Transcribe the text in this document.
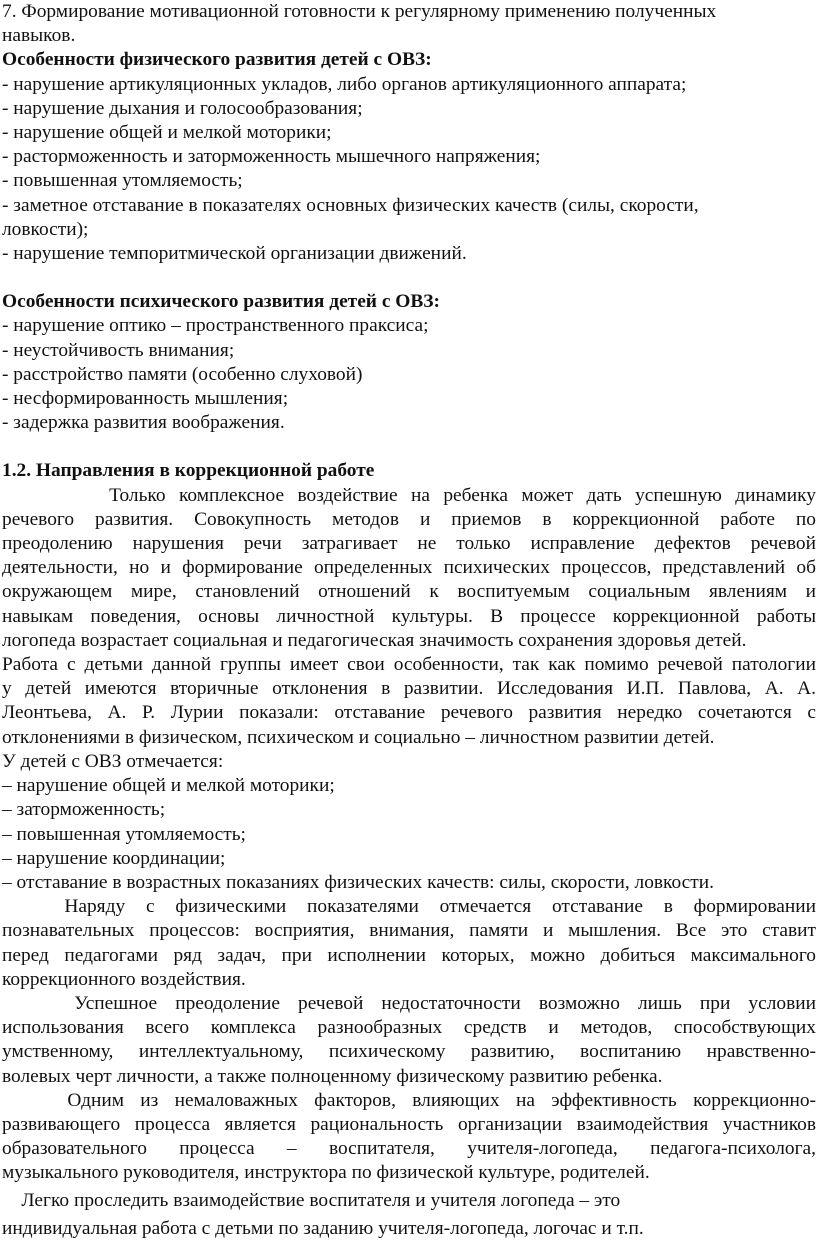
7. Формирование мотивационной готовности к регулярному применению полученных

навыков.

Особенности физического развития детей с ОВЗ:

- нарушение артикуляционных укладов, либо органов артикуляционного аппарата;

- нарушение дыхания и голосообразования;

- нарушение общей и мелкой моторики;

- расторможенность и заторможенность мышечного напряжения;

- повышенная утомляемость;

- заметное отставание в показателях основных физических качеств (силы, скорости,

ловкости);

- нарушение темпоритмической организации движений.

Особенности психического развития детей с ОВЗ:

- нарушение оптико – пространственного праксиса;

- неустойчивость внимания;

- расстройство памяти (особенно слуховой)

- несформированность мышления;

- задержка развития воображения.

1.2. Направления в коррекционной работе

Только комплексное воздействие на ребенка может дать успешную динамику

речевого развития. Совокупность методов и приемов в коррекционной работе по

преодолению нарушения речи затрагивает не только исправление дефектов речевой

деятельности, но и формирование определенных психических процессов, представлений об

окружающем мире, становлений отношений к воспитуемым социальным явлениям и

навыкам поведения, основы личностной культуры. В процессе коррекционной работы

логопеда возрастает социальная и педагогическая значимость сохранения здоровья детей.

Работа с детьми данной группы имеет свои особенности, так как помимо речевой патологии

у детей имеются вторичные отклонения в развитии. Исследования И.П. Павлова, А. А.

Леонтьева, А. Р. Лурии показали: отставание речевого развития нередко сочетаются с

отклонениями в физическом, психическом и социально – личностном развитии детей.

У детей с ОВЗ отмечается:

– нарушение общей и мелкой моторики;

– заторможенность;

– повышенная утомляемость;

– нарушение координации;

– отставание в возрастных показаниях физических качеств: силы, скорости, ловкости.

Наряду с физическими показателями отмечается отставание в формировании

познавательных процессов: восприятия, внимания, памяти и мышления. Все это ставит

перед педагогами ряд задач, при исполнении которых, можно добиться максимального

коррекционного воздействия.

Успешное преодоление речевой недостаточности возможно лишь при условии

использования всего комплекса разнообразных средств и методов, способствующих

умственному, интеллектуальному, психическому развитию, воспитанию нравственно-

волевых черт личности, а также полноценному физическому развитию ребенка.

Одним из немаловажных факторов, влияющих на эффективность коррекционно-

развивающего процесса является рациональность организации взаимодействия участников

образовательного процесса – воспитателя, учителя-логопеда, педагога-психолога,

музыкального руководителя, инструктора по физической культуре, родителей.

Легко проследить взаимодействие воспитателя и учителя логопеда – это

индивидуальная работа с детьми по заданию учителя-логопеда, логочас и т.п.
